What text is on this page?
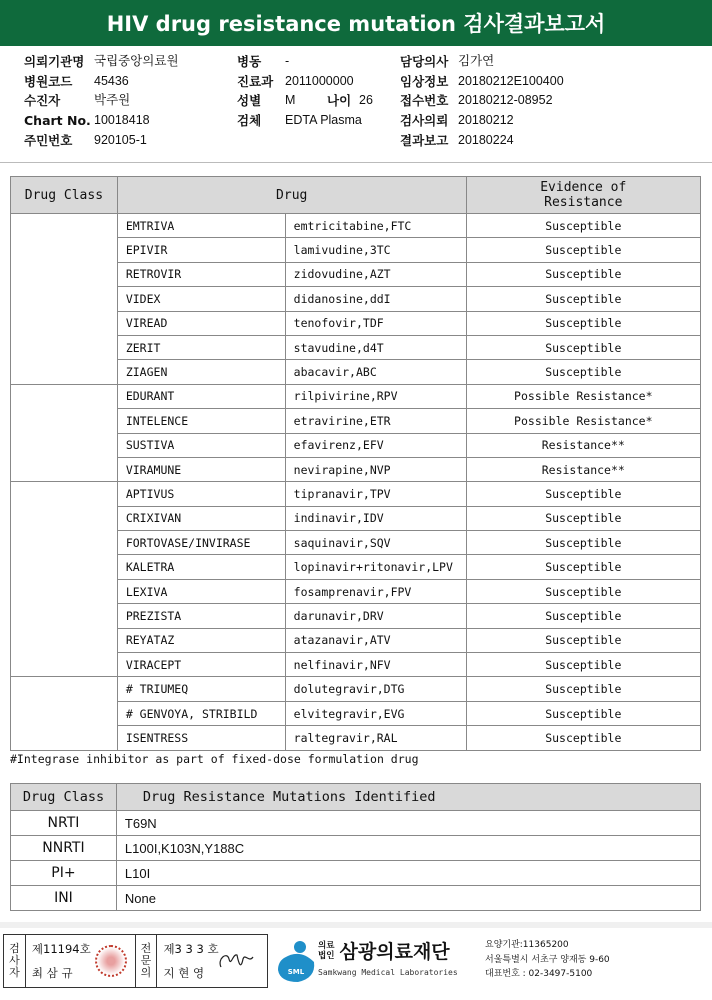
HIV drug resistance mutation 검사결과보고서
의뢰기관명 국립중앙의료원
병원코드	45436
수진자	박주원
Chart No. 10018418
주민번호	920105-1
병동	-
진료과 2011000000
성별	M	나이 26
검체	EDTA Plasma
담당의사 김가연
임상정보 20180212E100400
접수번호 20180212-08952
검사의뢰 20180212
결과보고 20180224
Drug Class	Drug		Evidence of
Resistance
	EMTRIVA	emtricitabine,FTC	Susceptible
	EPIVIR	lamivudine,3TC	Susceptible
	RETROVIR	zidovudine,AZT	Susceptible
	VIDEX	didanosine,ddI	Susceptible
	VIREAD	tenofovir,TDF	Susceptible
	ZERIT	stavudine,d4T	Susceptible
	ZIAGEN	abacavir,ABC	Susceptible
	EDURANT	rilpivirine,RPV	Possible Resistance*
	INTELENCE	etravirine,ETR	Possible Resistance*
	SUSTIVA	efavirenz,EFV	Resistance**
	VIRAMUNE	nevirapine,NVP	Resistance**
	APTIVUS	tipranavir,TPV	Susceptible
	CRIXIVAN	indinavir,IDV	Susceptible
	FORTOVASE/INVIRASE	saquinavir,SQV	Susceptible
	KALETRA	lopinavir+ritonavir,LPV	Susceptible
	LEXIVA	fosamprenavir,FPV	Susceptible
	PREZISTA	darunavir,DRV	Susceptible
	REYATAZ	atazanavir,ATV	Susceptible
	VIRACEPT	nelfinavir,NFV	Susceptible
	# TRIUMEQ	dolutegravir,DTG	Susceptible
	# GENVOYA, STRIBILD	elvitegravir,EVG	Susceptible
	ISENTRESS	raltegravir,RAL	Susceptible
#Integrase inhibitor as part of fixed-dose formulation drug
Drug Class	Drug Resistance Mutations Identified
NRTI	T69N
NNRTI	L100I,K103N,Y188C
PI+	L10I
INI	None
검
사
자
제11194호
최 삼 규
전
문
의
제3 3 3 호
지 현 영	SML
의료
법인 삼광의료재단
Samkwang Medical Laboratories
요양기관:11365200
서울특별시 서초구 양재동 9-60
대표번호 : 02-3497-5100
